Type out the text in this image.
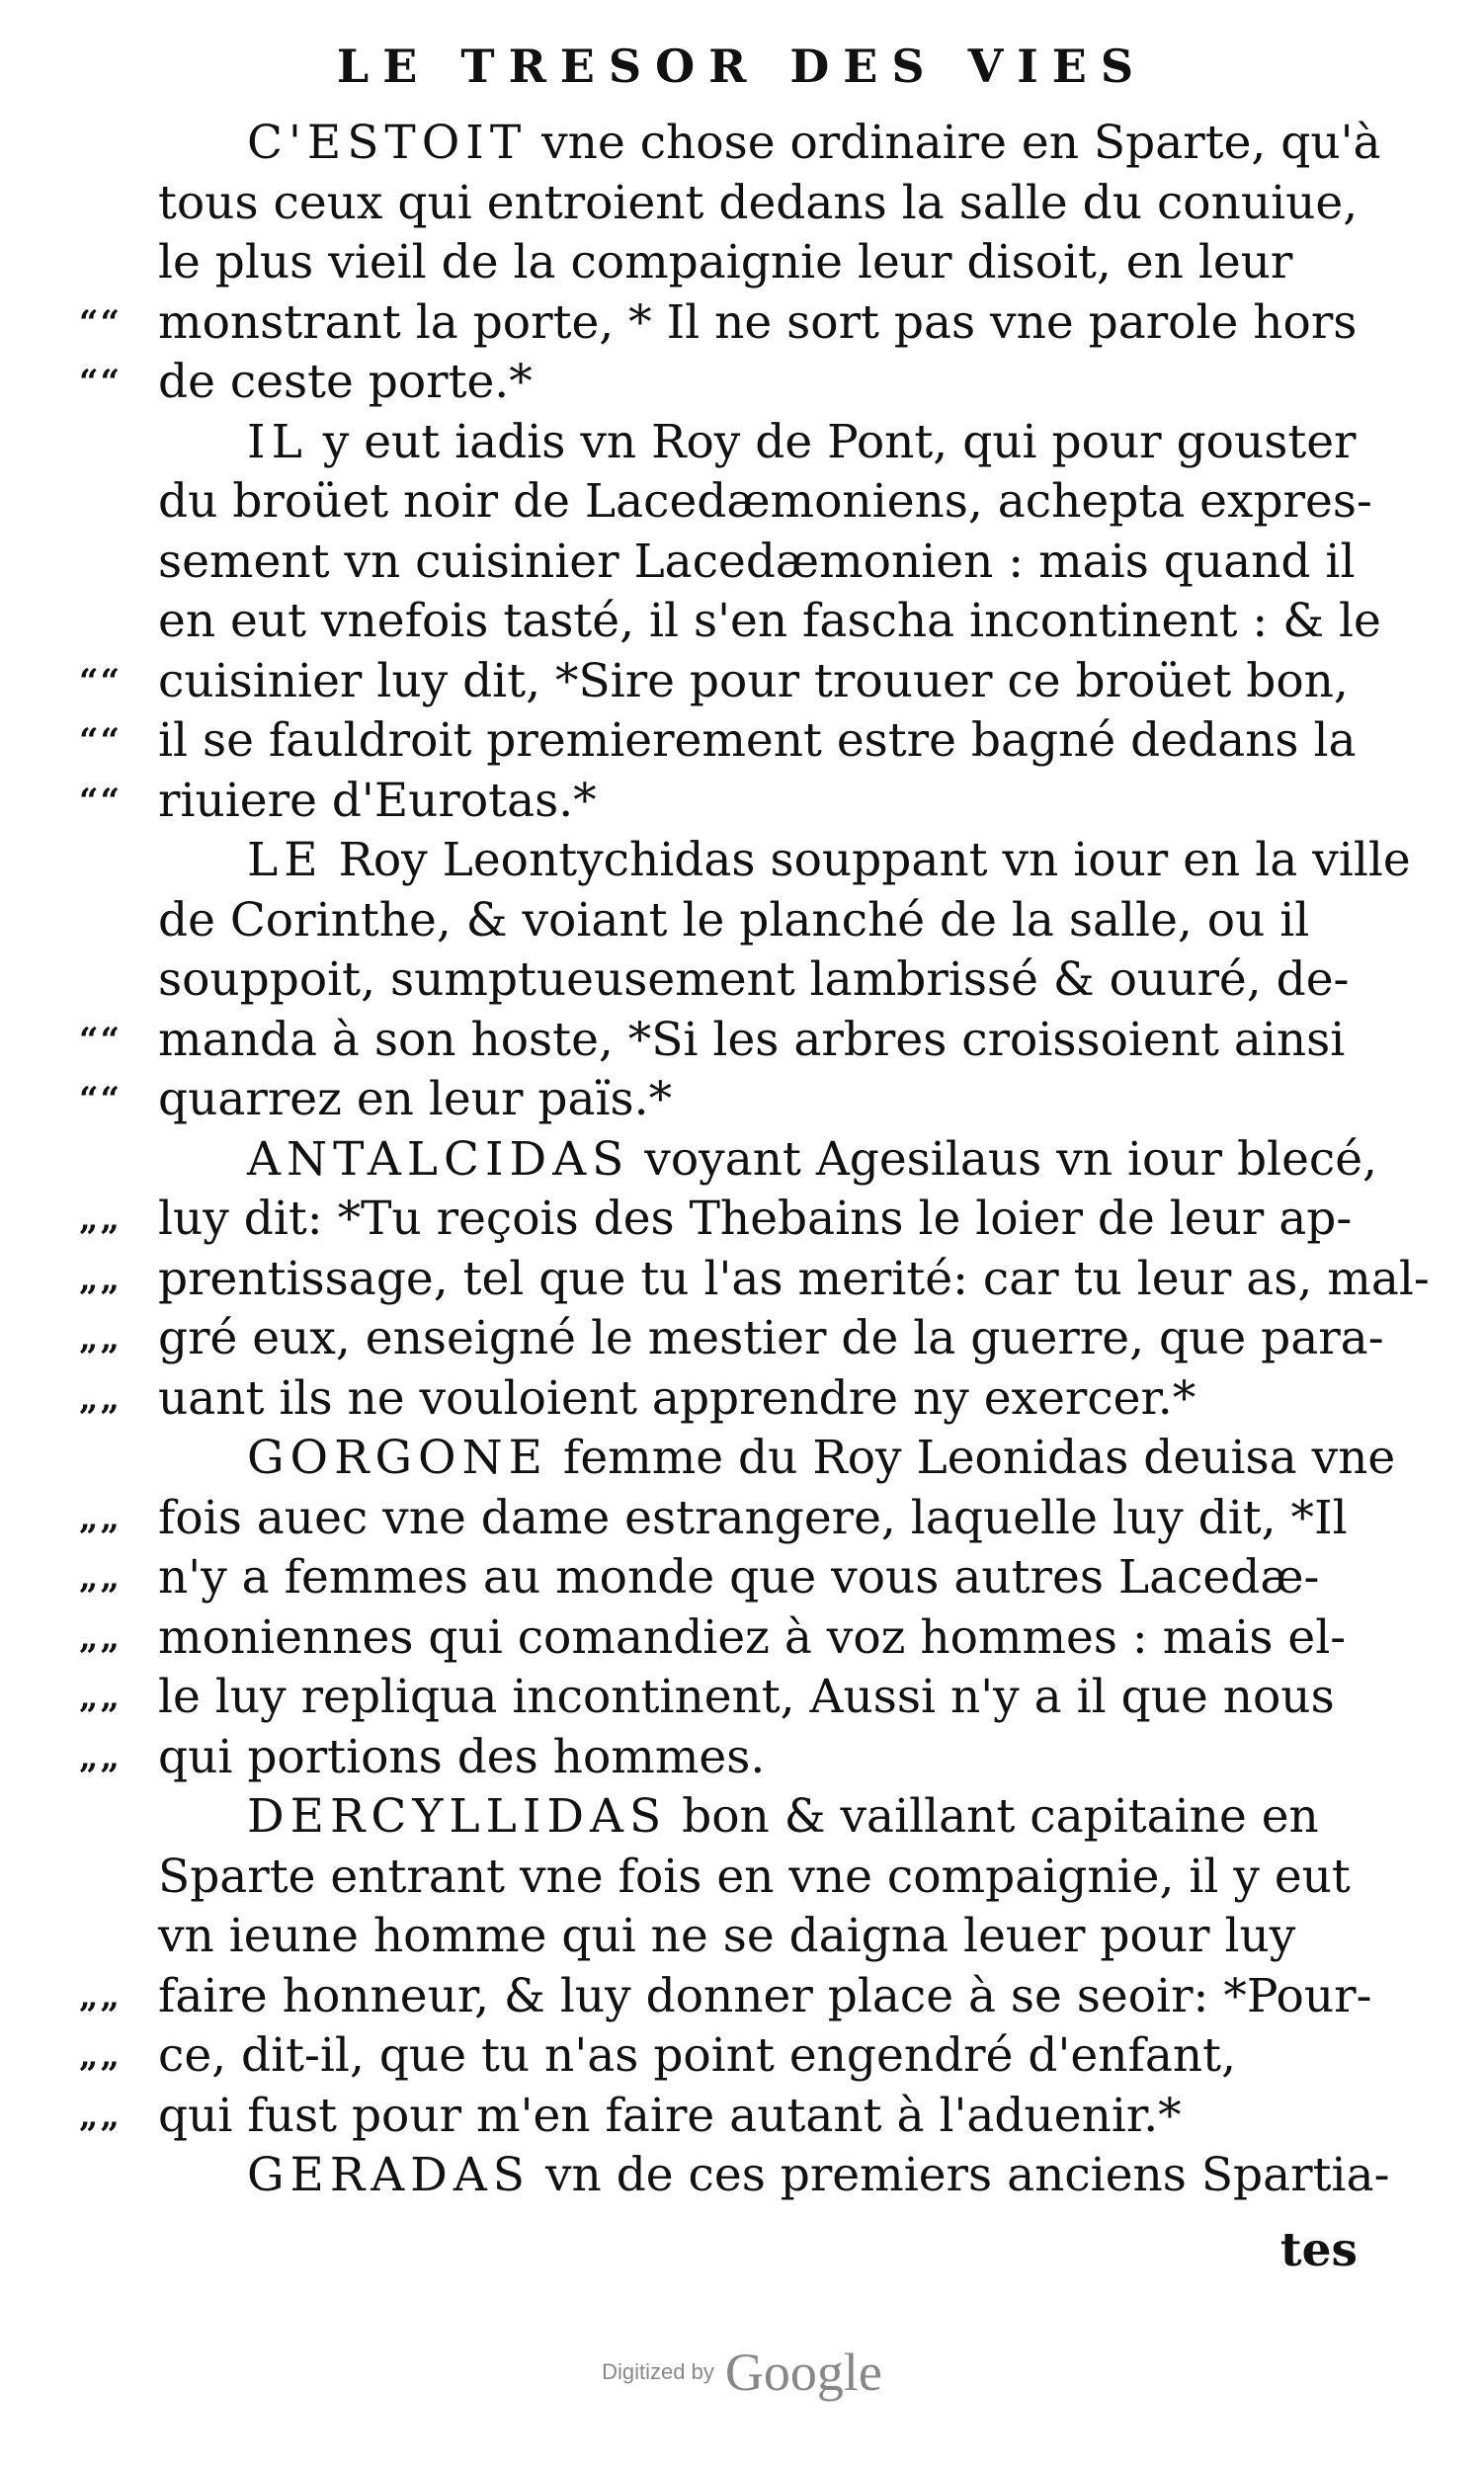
LE TRESOR DES VIES
C'ESTOIT vne chose ordinaire en Sparte, qu'à
tous ceux qui entroient dedans la salle du conuiue,
le plus vieil de la compaignie leur disoit, en leur
““ monstrant la porte, * Il ne sort pas vne parole hors
““ de ceste porte.*
IL y eut iadis vn Roy de Pont, qui pour gouster
du broüet noir de Lacedæmoniens, achepta expres-
sement vn cuisinier Lacedæmonien : mais quand il
en eut vnefois tasté, il s'en fascha incontinent : & le
““ cuisinier luy dit, *Sire pour trouuer ce broüet bon,
““ il se fauldroit premierement estre bagné dedans la
““ riuiere d'Eurotas.*
LE Roy Leontychidas souppant vn iour en la ville
de Corinthe, & voiant le planché de la salle, ou il
souppoit, sumptueusement lambrissé & ouuré, de-
““ manda à son hoste, *Si les arbres croissoient ainsi
““ quarrez en leur païs.*
ANTALCIDAS voyant Agesilaus vn iour blecé,
„„ luy dit: *Tu reçois des Thebains le loier de leur ap-
„„ prentissage, tel que tu l'as merité: car tu leur as, mal-
„„ gré eux, enseigné le mestier de la guerre, que para-
„„ uant ils ne vouloient apprendre ny exercer.*
GORGONE femme du Roy Leonidas deuisa vne
„„ fois auec vne dame estrangere, laquelle luy dit, *Il
„„ n'y a femmes au monde que vous autres Lacedæ-
„„ moniennes qui comandiez à voz hommes : mais el-
„„ le luy repliqua incontinent, Aussi n'y a il que nous
„„ qui portions des hommes.
DERCYLLIDAS bon & vaillant capitaine en
Sparte entrant vne fois en vne compaignie, il y eut
vn ieune homme qui ne se daigna leuer pour luy
„„ faire honneur, & luy donner place à se seoir: *Pour-
„„ ce, dit-il, que tu n'as point engendré d'enfant,
„„ qui fust pour m'en faire autant à l'aduenir.*
GERADAS vn de ces premiers anciens Spartia-
tes
Digitized by Google
